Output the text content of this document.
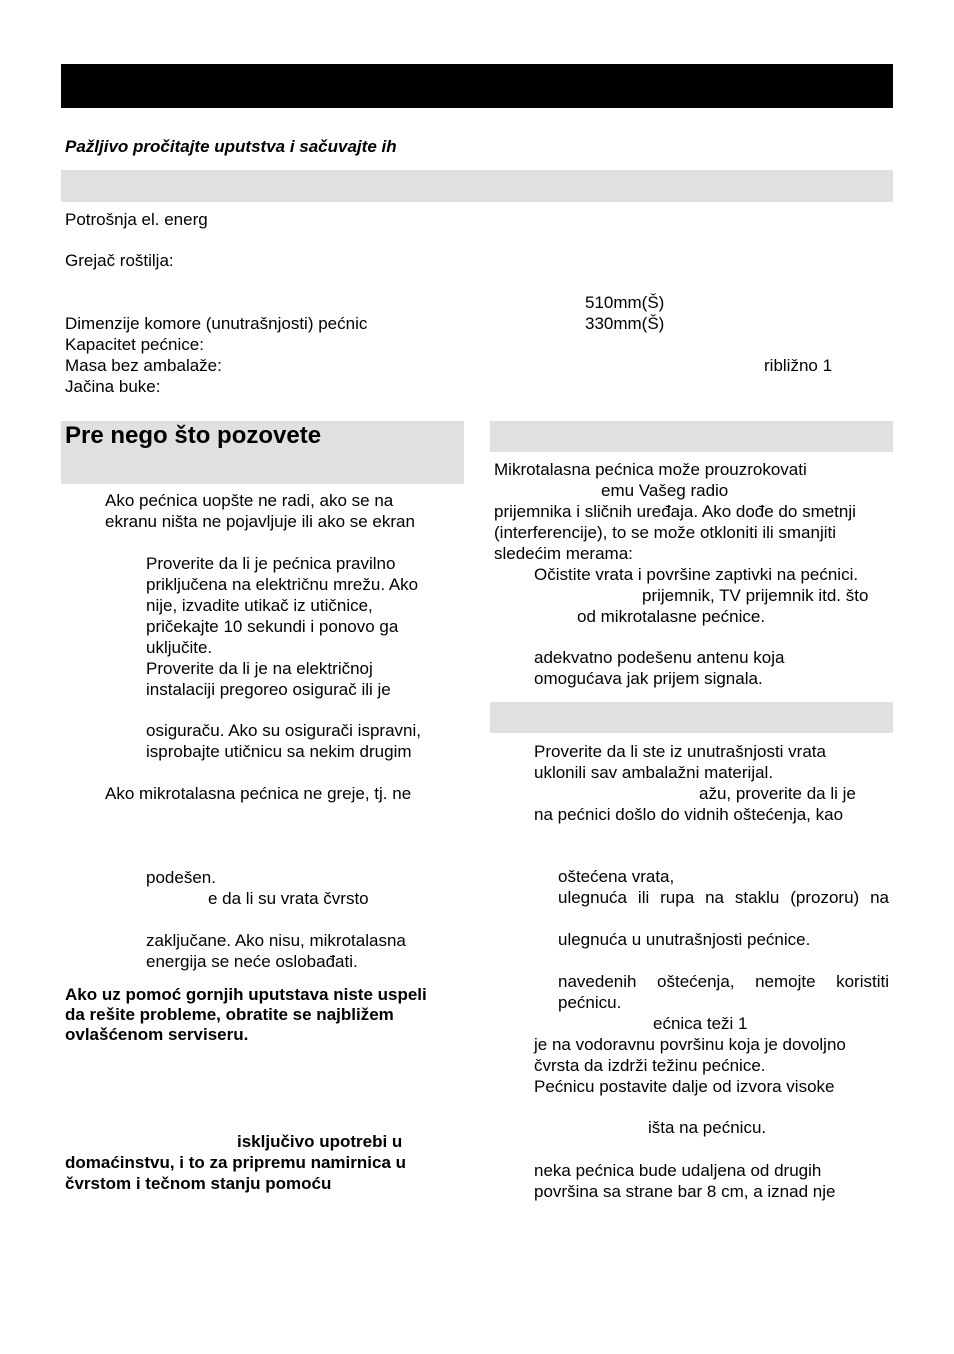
Pažljivo pročitajte uputstva i sačuvajte ih
Potrošnja el. energ
Grejač roštilja:
510mm(Š)
Dimenzije komore (unutrašnjosti) pećnic	330mm(Š)
Kapacitet pećnice:
Masa bez ambalaže:	ribližno 1
Jačina buke:
Pre nego što pozovete
Ako pećnica uopšte ne radi, ako se na
ekranu ništa ne pojavljuje ili ako se ekran
Proverite da li je pećnica pravilno
priključena na električnu mrežu. Ako
nije, izvadite utikač iz utičnice,
pričekajte 10 sekundi i ponovo ga
uključite.
Proverite da li je na električnoj
instalaciji pregoreo osigurač ili je
osiguraču. Ako su osigurači ispravni,
isprobajte utičnicu sa nekim drugim
Ako mikrotalasna pećnica ne greje, tj. ne
podešen.
e da li su vrata čvrsto
zaključane. Ako nisu, mikrotalasna
energija se neće oslobađati.
Ako uz pomoć gornjih uputstava niste uspeli
da rešite probleme, obratite se najbližem
ovlašćenom serviseru.
isključivo upotrebi u
domaćinstvu, i to za pripremu namirnica u
čvrstom i tečnom stanju pomoću
Mikrotalasna pećnica može prouzrokovati
emu Vašeg radio
prijemnika i sličnih uređaja. Ako dođe do smetnji
(interferencije), to se može otkloniti ili smanjiti
sledećim merama:
Očistite vrata i površine zaptivki na pećnici.
prijemnik, TV prijemnik itd. što
od mikrotalasne pećnice.
adekvatno podešenu antenu koja
omogućava jak prijem signala.
Proverite da li ste iz unutrašnjosti vrata
uklonili sav ambalažni materijal.
ažu, proverite da li je
na pećnici došlo do vidnih oštećenja, kao
oštećena vrata,
ulegnuća ili rupa na staklu (prozoru) na
ulegnuća u unutrašnjosti pećnice.
navedenih oštećenja, nemojte koristiti
pećnicu.
ećnica teži 1
je na vodoravnu površinu koja je dovoljno
čvrsta da izdrži težinu pećnice.
Pećnicu postavite dalje od izvora visoke
išta na pećnicu.
neka pećnica bude udaljena od drugih
površina sa strane bar 8 cm, a iznad nje
